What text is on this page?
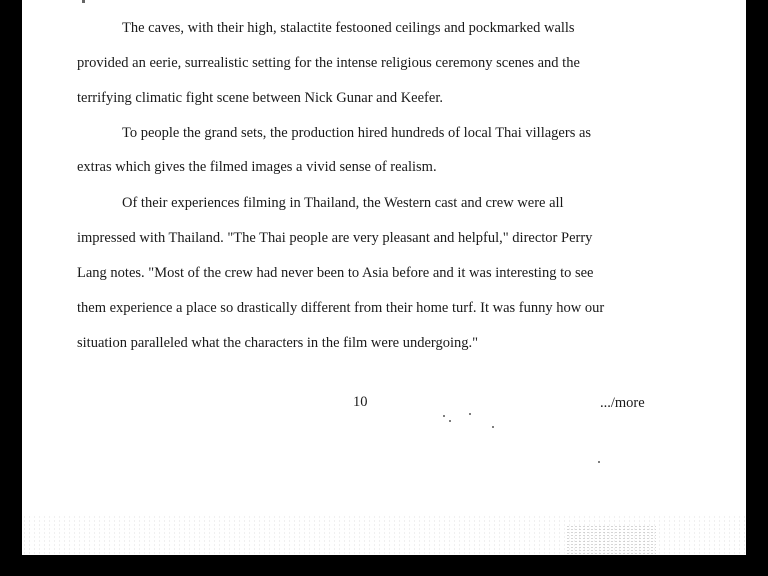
The caves, with their high, stalactite festooned ceilings and pockmarked walls

provided an eerie, surrealistic setting for the intense religious ceremony scenes and the

terrifying climatic fight scene between Nick Gunar and Keefer.

To people the grand sets, the production hired hundreds of local Thai villagers as

extras which gives the filmed images a vivid sense of realism.

Of their experiences filming in Thailand, the Western cast and crew were all

impressed with Thailand. "The Thai people are very pleasant and helpful," director Perry

Lang notes. "Most of the crew had never been to Asia before and it was interesting to see

them experience a place so drastically different from their home turf. It was funny how our

situation paralleled what the characters in the film were undergoing."

10	.../more
